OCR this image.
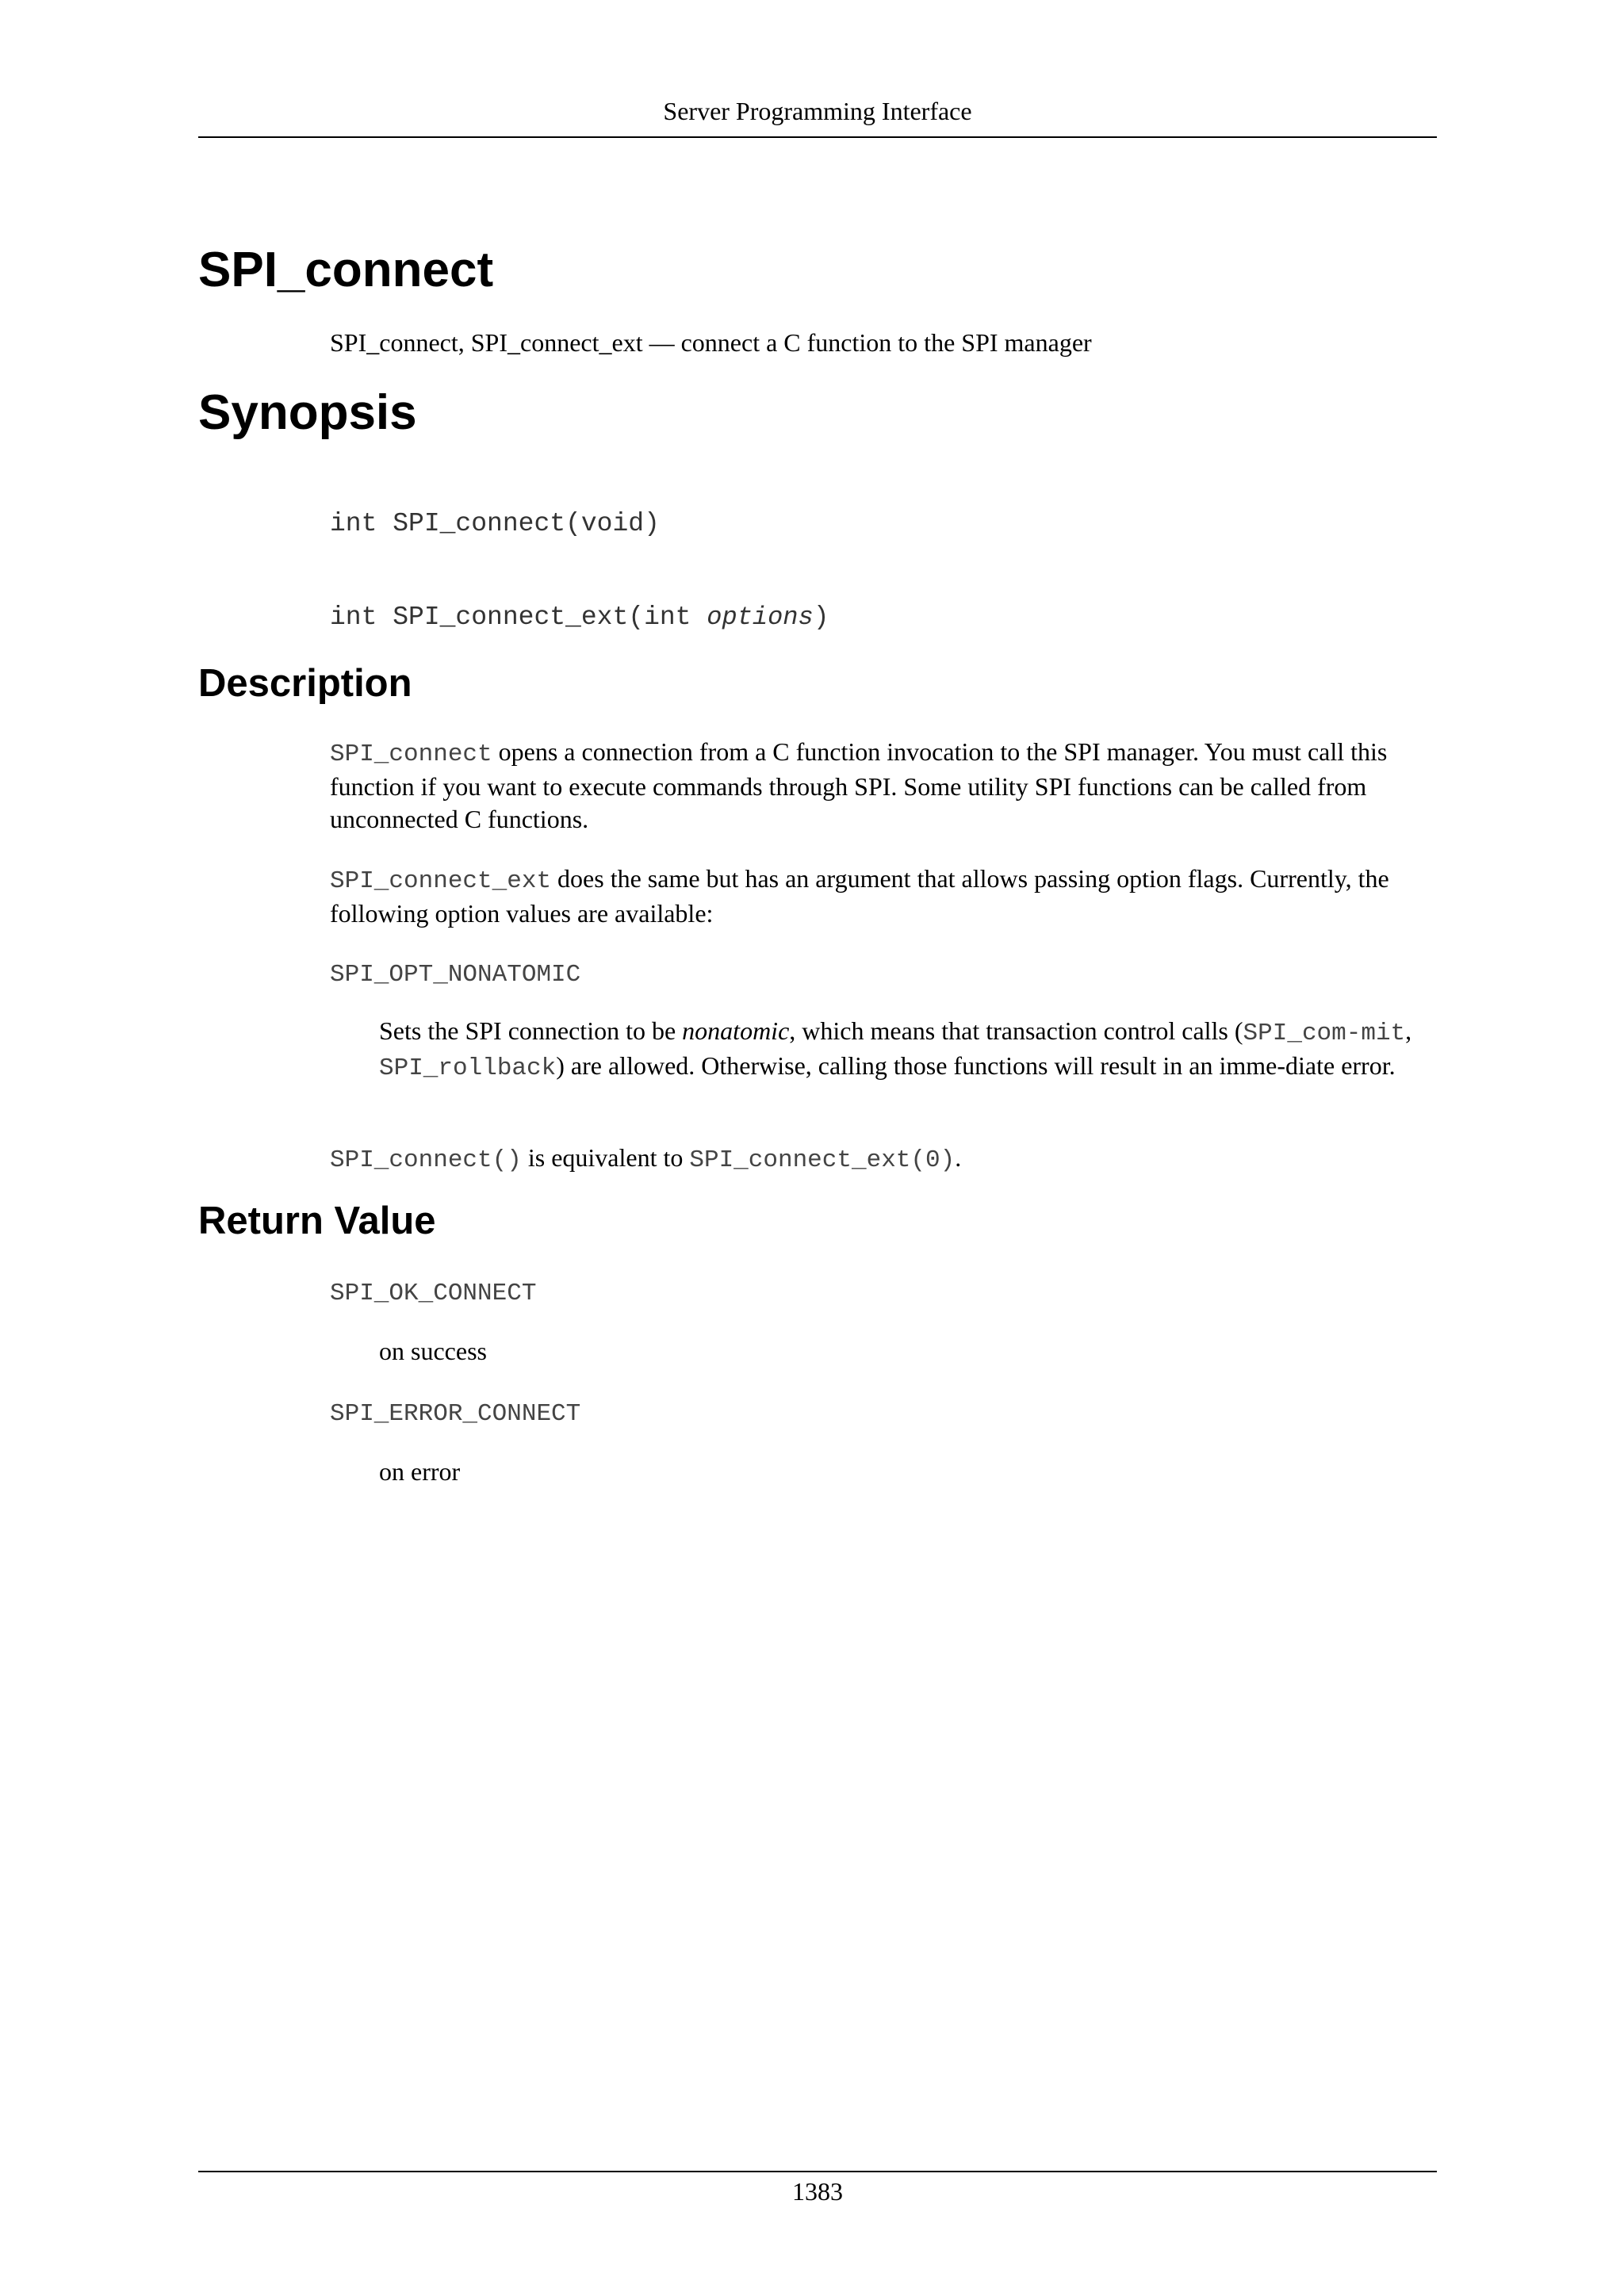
Server Programming Interface
SPI_connect

SPI_connect, SPI_connect_ext — connect a C function to the SPI manager

Synopsis

int SPI_connect(void)

int SPI_connect_ext(int options)

Description

SPI_connect opens a connection from a C function invocation to the SPI manager. You must call this function if you want to execute commands through SPI. Some utility SPI functions can be called from unconnected C functions.

SPI_connect_ext does the same but has an argument that allows passing option flags. Currently, the following option values are available:

SPI_OPT_NONATOMIC

Sets the SPI connection to be nonatomic, which means that transaction control calls (SPI_com-mit, SPI_rollback) are allowed. Otherwise, calling those functions will result in an imme-diate error.

SPI_connect() is equivalent to SPI_connect_ext(0).

Return Value

SPI_OK_CONNECT

on success

SPI_ERROR_CONNECT

on error

1383
